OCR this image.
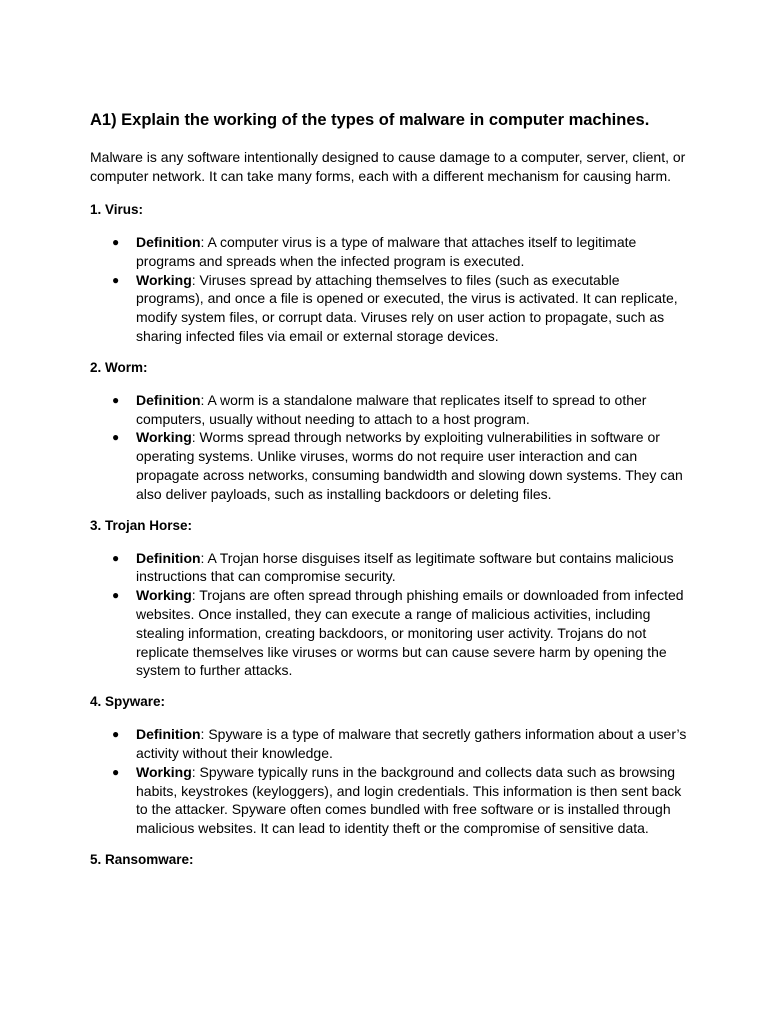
A1) Explain the working of the types of malware in computer machines.

Malware is any software intentionally designed to cause damage to a computer, server, client, or computer network. It can take many forms, each with a different mechanism for causing harm.

1. Virus:
● Definition: A computer virus is a type of malware that attaches itself to legitimate programs and spreads when the infected program is executed.
● Working: Viruses spread by attaching themselves to files (such as executable programs), and once a file is opened or executed, the virus is activated. It can replicate, modify system files, or corrupt data. Viruses rely on user action to propagate, such as sharing infected files via email or external storage devices.
2. Worm:
● Definition: A worm is a standalone malware that replicates itself to spread to other computers, usually without needing to attach to a host program.
● Working: Worms spread through networks by exploiting vulnerabilities in software or operating systems. Unlike viruses, worms do not require user interaction and can propagate across networks, consuming bandwidth and slowing down systems. They can also deliver payloads, such as installing backdoors or deleting files.
3. Trojan Horse:
● Definition: A Trojan horse disguises itself as legitimate software but contains malicious instructions that can compromise security.
● Working: Trojans are often spread through phishing emails or downloaded from infected websites. Once installed, they can execute a range of malicious activities, including stealing information, creating backdoors, or monitoring user activity. Trojans do not replicate themselves like viruses or worms but can cause severe harm by opening the system to further attacks.
4. Spyware:
● Definition: Spyware is a type of malware that secretly gathers information about a user’s activity without their knowledge.
● Working: Spyware typically runs in the background and collects data such as browsing habits, keystrokes (keyloggers), and login credentials. This information is then sent back to the attacker. Spyware often comes bundled with free software or is installed through malicious websites. It can lead to identity theft or the compromise of sensitive data.
5. Ransomware:
